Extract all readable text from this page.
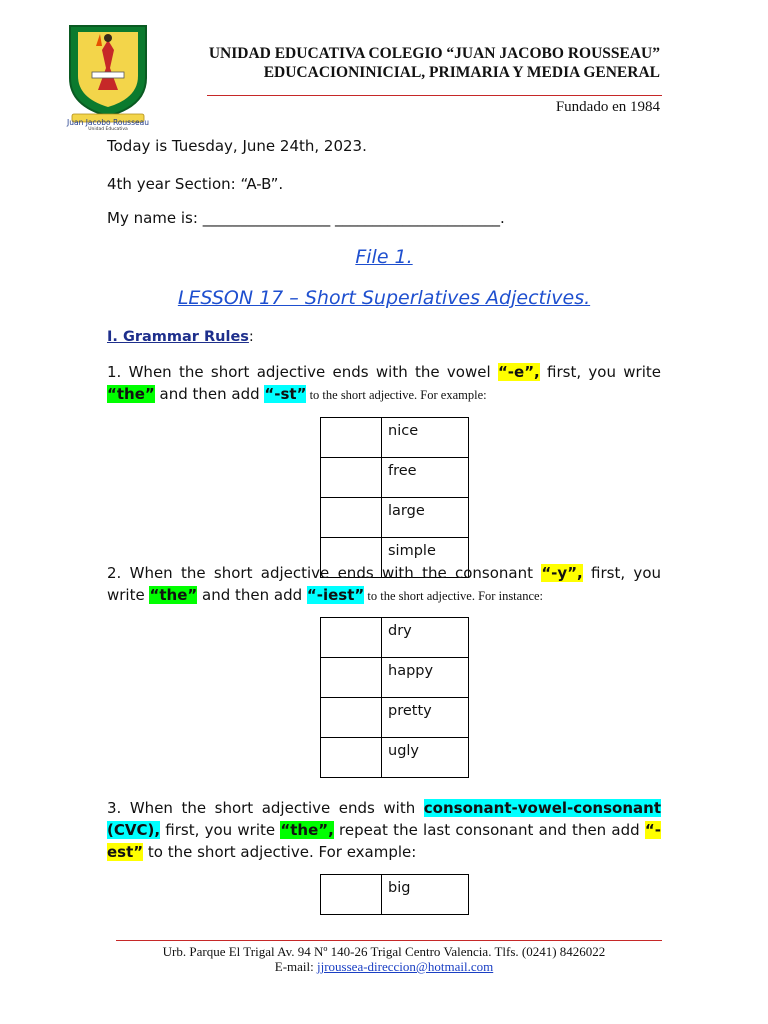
Juan Jacobo Rousseau
Unidad Educativa
UNIDAD EDUCATIVA COLEGIO “JUAN JACOBO ROUSSEAU”
EDUCACIONINICIAL, PRIMARIA Y MEDIA GENERAL
Fundado en 1984
Today is Tuesday, June 24th, 2023.
4th year Section: “A-B”.
My name is: _________________ ______________________.
File 1.
LESSON 17 – Short Superlatives Adjectives.
I. Grammar Rules:
1. When the short adjective ends with the vowel “-e”, first, you write “the” and then add “-st” to the short adjective. For example:
	nice
	free
	large
	simple
2. When the short adjective ends with the consonant “-y”, first, you write “the” and then add “-iest” to the short adjective. For instance:
	dry
	happy
	pretty
	ugly
3. When the short adjective ends with consonant-vowel-consonant (CVC), first, you write “the”, repeat the last consonant and then add “-est” to the short adjective. For example:
	big
Urb. Parque El Trigal Av. 94 Nº 140-26 Trigal Centro Valencia. Tlfs. (0241) 8426022
E-mail: jjroussea-direccion@hotmail.com
